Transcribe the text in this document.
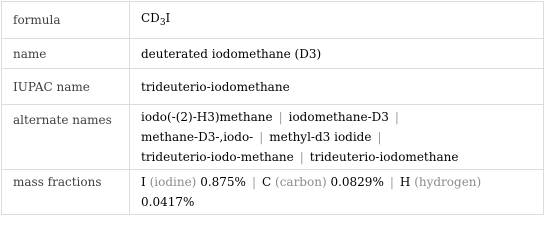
formula	$CD_3I$
name	deuterated iodomethane (D3)
IUPAC name	trideuterio-iodomethane
alternate names	iodo(-(2)-H3)methane | iodomethane-D3 |
methane-D3-,iodo- | methyl-d3 iodide |
trideuterio-iodo-methane | trideuterio-iodomethane

mass fractions	I (iodine) 0.875% | C (carbon) 0.0829% | H (hydrogen)
0.0417%
